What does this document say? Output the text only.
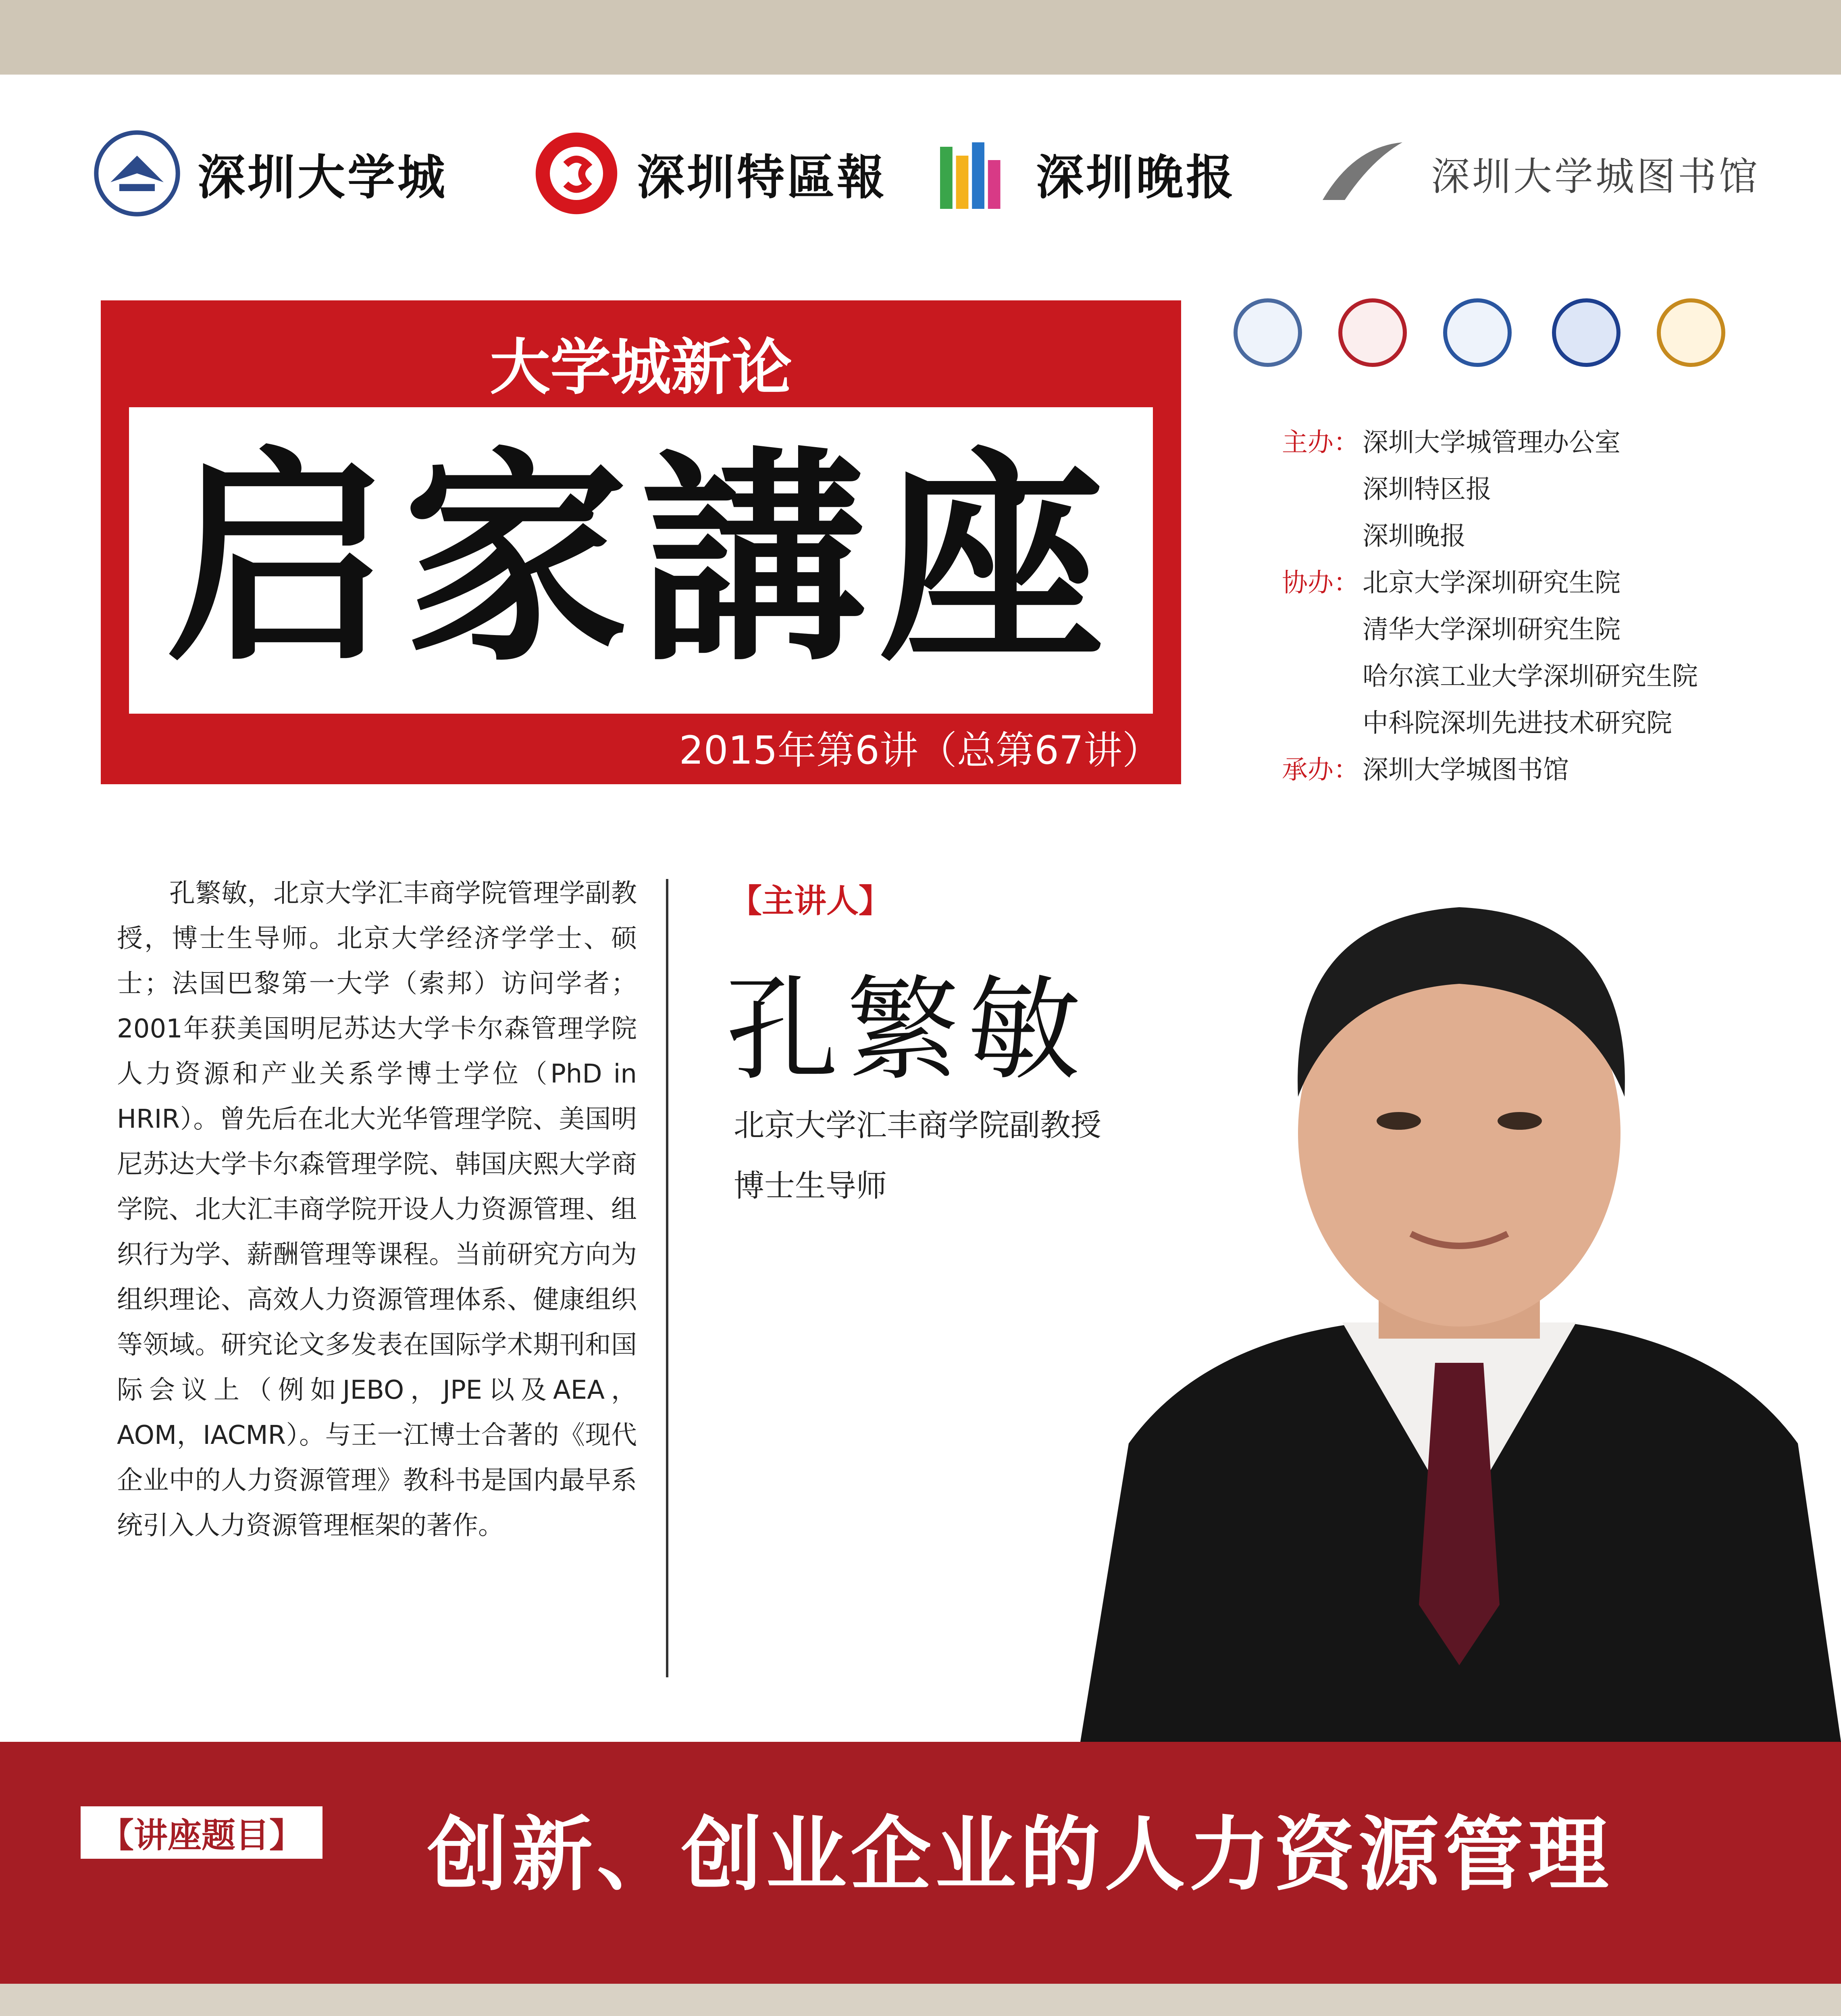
深圳大学城	深圳特區報	深圳晚报	深圳大学城图书馆
大学城新论
启家講座
2015年第6讲（总第67讲）
主办： 深圳大学城管理办公室
深圳特区报
深圳晚报
协办： 北京大学深圳研究生院
清华大学深圳研究生院
哈尔滨工业大学深圳研究生院
中科院深圳先进技术研究院
承办： 深圳大学城图书馆
孔繁敏，北京大学汇丰商学院管理学副教授，博士生导师。北京大学经济学学士、硕士；法国巴黎第一大学（索邦）访问学者；2001年获美国明尼苏达大学卡尔森管理学院人力资源和产业关系学博士学位（PhD in HRIR）。曾先后在北大光华管理学院、美国明尼苏达大学卡尔森管理学院、韩国庆熙大学商学院、北大汇丰商学院开设人力资源管理、组织行为学、薪酬管理等课程。当前研究方向为组织理论、高效人力资源管理体系、健康组织等领域。研究论文多发表在国际学术期刊和国际会议上（例如JEBO，JPE以及AEA，AOM，IACMR）。与王一江博士合著的《现代企业中的人力资源管理》教科书是国内最早系统引入人力资源管理框架的著作。
【主讲人】
孔繁敏
北京大学汇丰商学院副教授
博士生导师
【讲座题目】 创新、创业企业的人力资源管理
